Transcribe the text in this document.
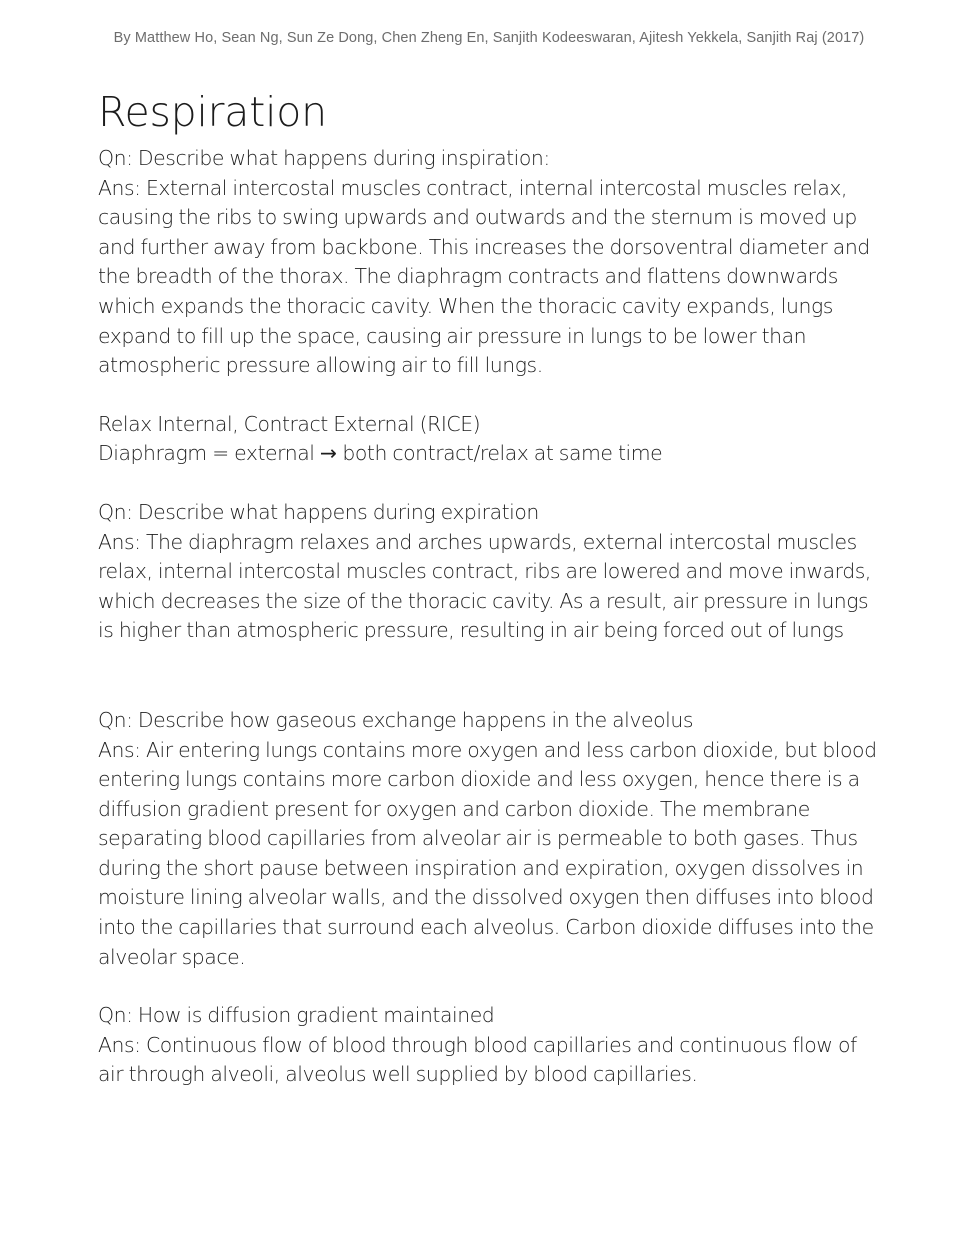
By Matthew Ho, Sean Ng, Sun Ze Dong, Chen Zheng En, Sanjith Kodeeswaran, Ajitesh Yekkela, Sanjith Raj (2017)
Respiration

Qn: Describe what happens during inspiration:

Ans: External intercostal muscles contract, internal intercostal muscles relax, causing the ribs to swing upwards and outwards and the sternum is moved up and further away from backbone. This increases the dorsoventral diameter and the breadth of the thorax. The diaphragm contracts and flattens downwards which expands the thoracic cavity. When the thoracic cavity expands, lungs expand to fill up the space, causing air pressure in lungs to be lower than atmospheric pressure allowing air to fill lungs.

Relax Internal, Contract External (RICE)

Diaphragm = external → both contract/relax at same time

Qn: Describe what happens during expiration

Ans: The diaphragm relaxes and arches upwards, external intercostal muscles relax, internal intercostal muscles contract, ribs are lowered and move inwards, which decreases the size of the thoracic cavity. As a result, air pressure in lungs is higher than atmospheric pressure, resulting in air being forced out of lungs

Qn: Describe how gaseous exchange happens in the alveolus

Ans: Air entering lungs contains more oxygen and less carbon dioxide, but blood entering lungs contains more carbon dioxide and less oxygen, hence there is a diffusion gradient present for oxygen and carbon dioxide. The membrane separating blood capillaries from alveolar air is permeable to both gases. Thus during the short pause between inspiration and expiration, oxygen dissolves in moisture lining alveolar walls, and the dissolved oxygen then diffuses into blood into the capillaries that surround each alveolus. Carbon dioxide diffuses into the alveolar space.

Qn: How is diffusion gradient maintained

Ans: Continuous flow of blood through blood capillaries and continuous flow of air through alveoli, alveolus well supplied by blood capillaries.
